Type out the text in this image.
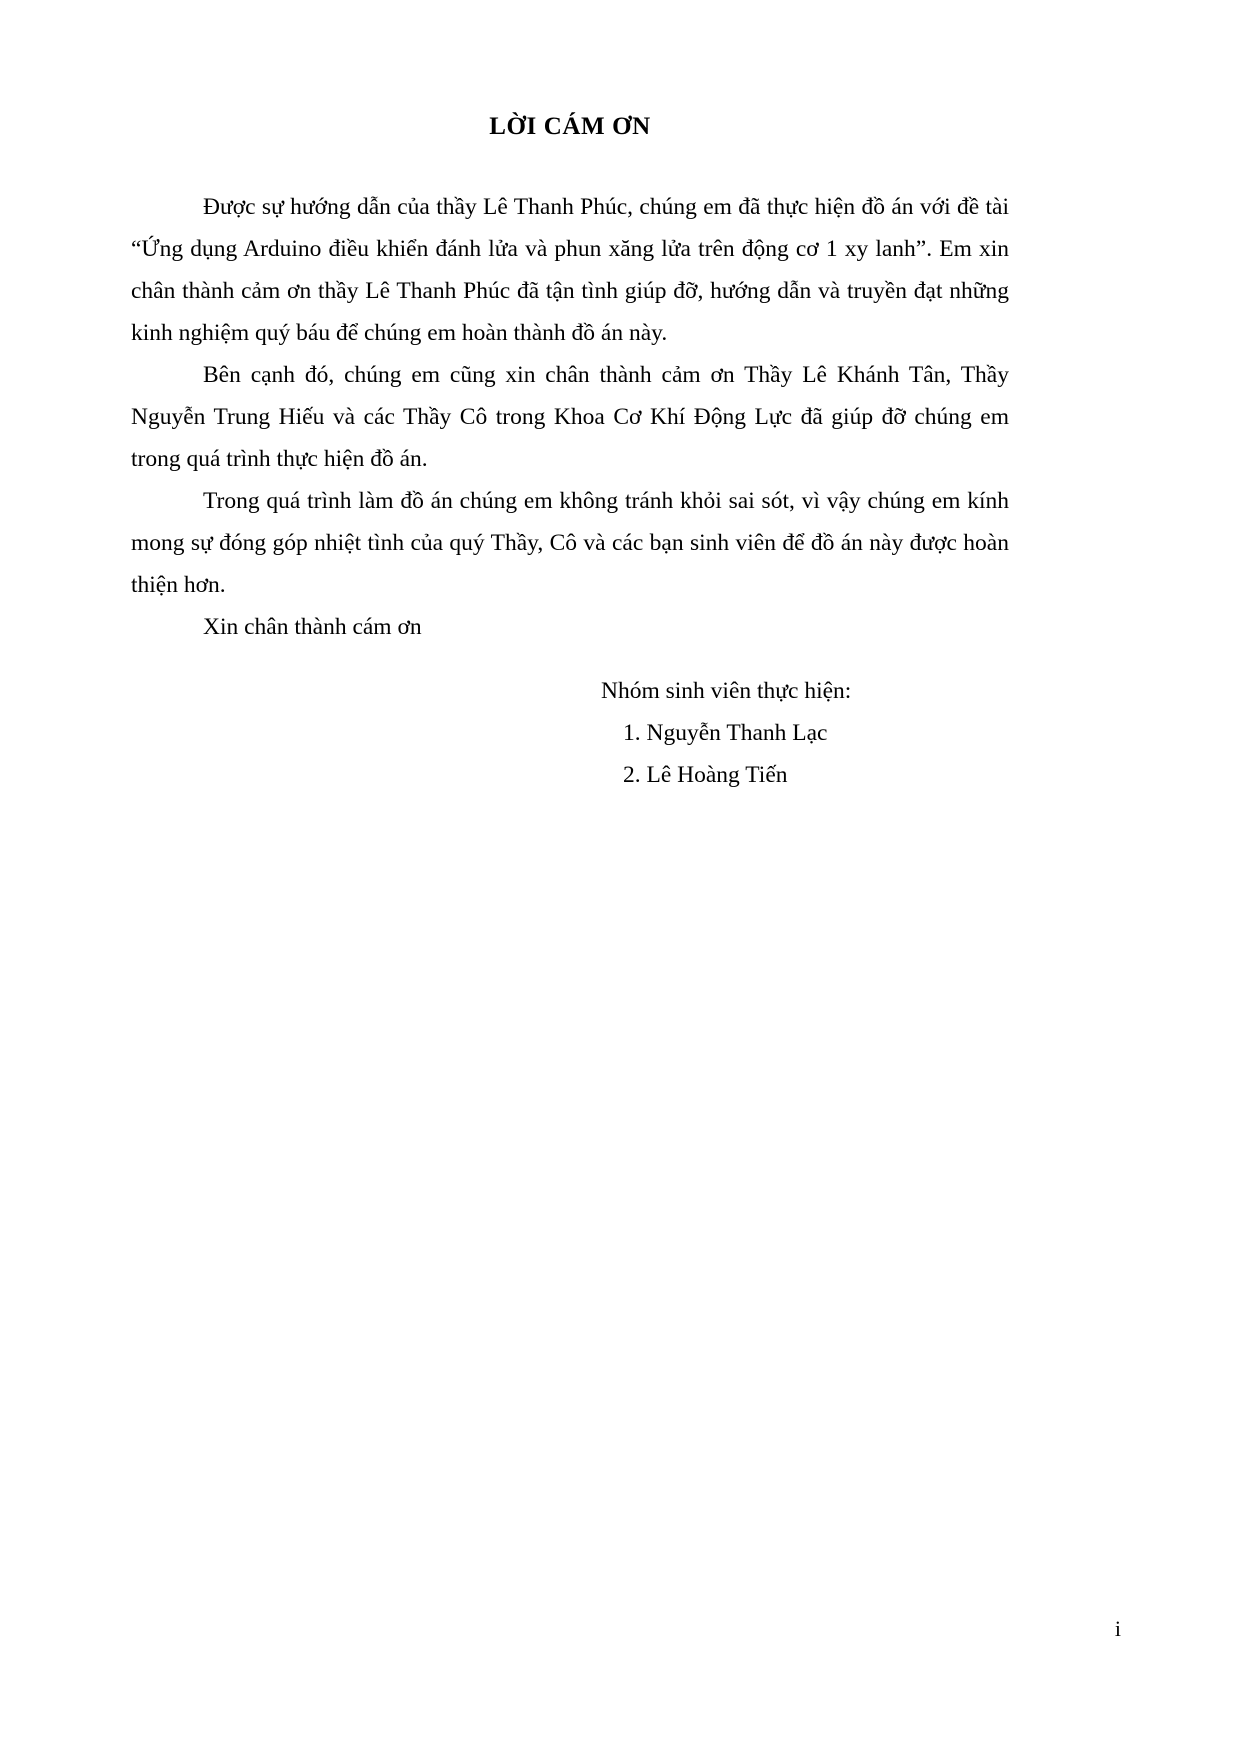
LỜI CÁM ƠN

Được sự hướng dẫn của thầy Lê Thanh Phúc, chúng em đã thực hiện đồ án với đề tài “Ứng dụng Arduino điều khiển đánh lửa và phun xăng lửa trên động cơ 1 xy lanh”. Em xin chân thành cảm ơn thầy Lê Thanh Phúc đã tận tình giúp đỡ, hướng dẫn và truyền đạt những kinh nghiệm quý báu để chúng em hoàn thành đồ án này.

Bên cạnh đó, chúng em cũng xin chân thành cảm ơn Thầy Lê Khánh Tân, Thầy Nguyễn Trung Hiếu và các Thầy Cô trong Khoa Cơ Khí Động Lực đã giúp đỡ chúng em trong quá trình thực hiện đồ án.

Trong quá trình làm đồ án chúng em không tránh khỏi sai sót, vì vậy chúng em kính mong sự đóng góp nhiệt tình của quý Thầy, Cô và các bạn sinh viên để đồ án này được hoàn thiện hơn.

Xin chân thành cám ơn

Nhóm sinh viên thực hiện:

1. Nguyễn Thanh Lạc
2. Lê Hoàng Tiến
i
